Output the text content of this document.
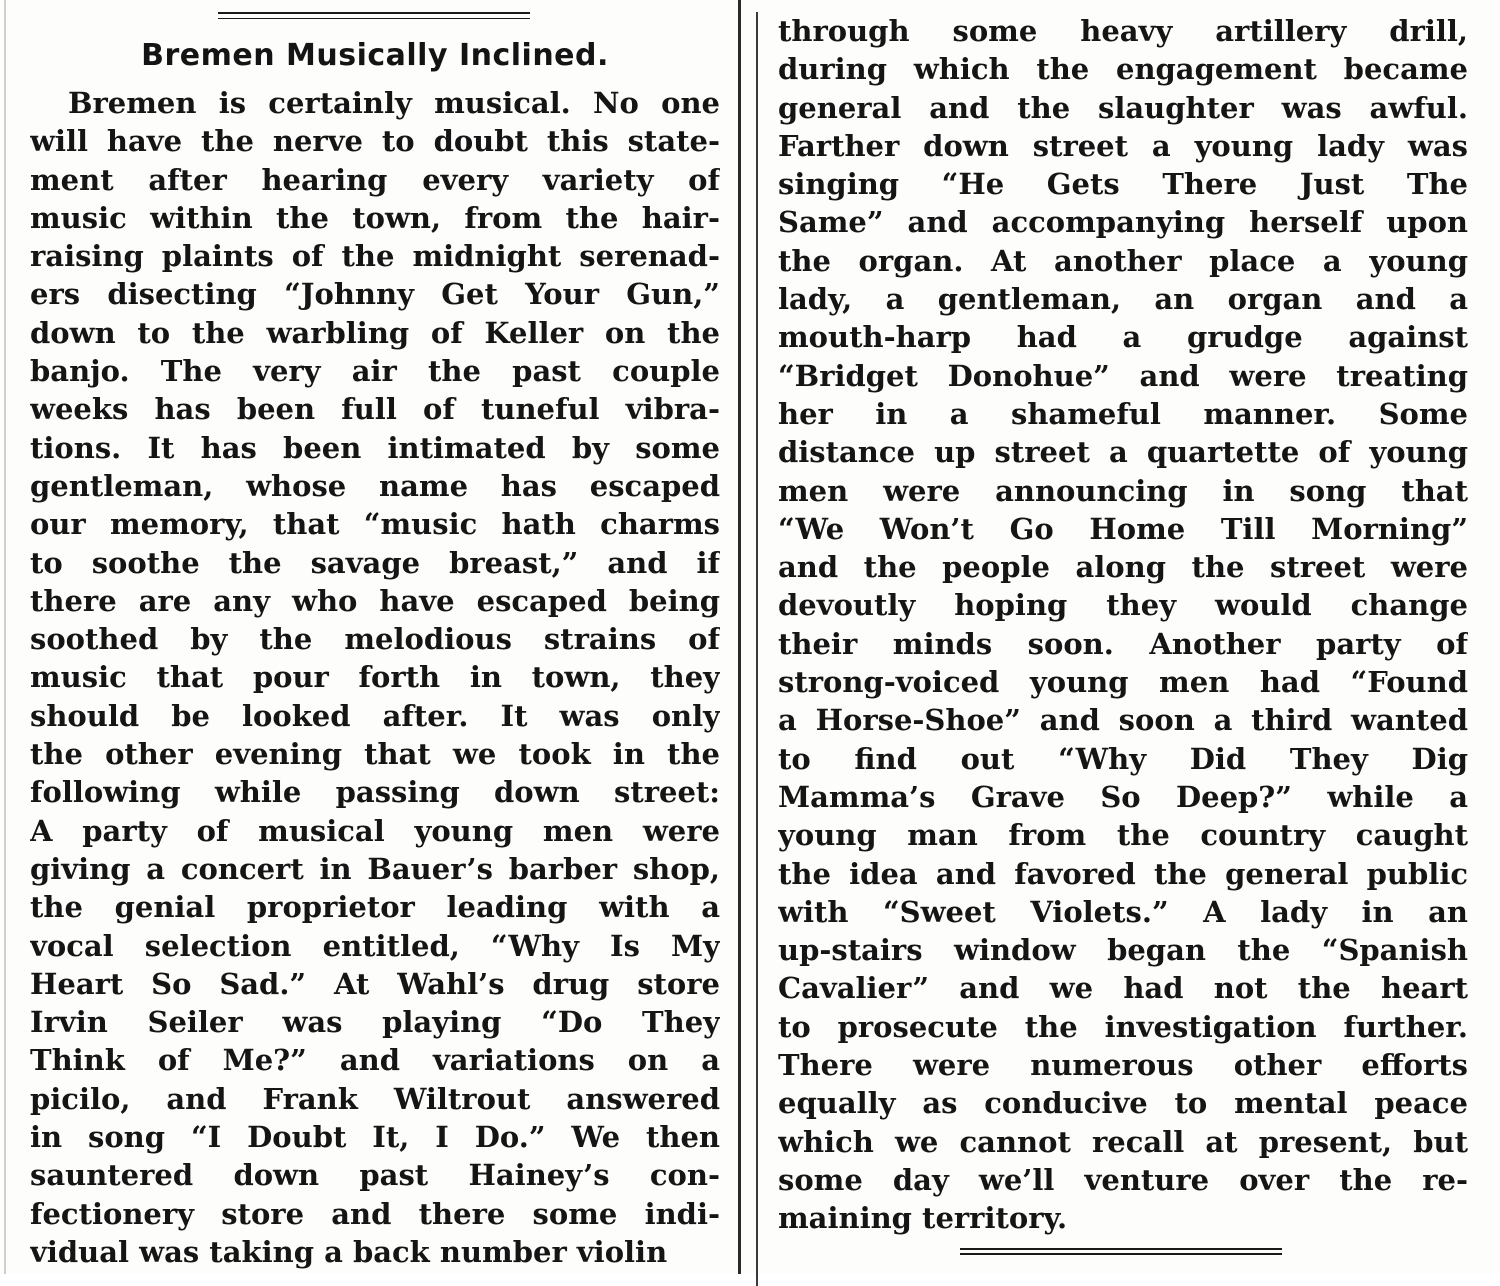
Bremen Musically Inclined.
Bremen is certainly musical. No one
will have the nerve to doubt this state-
ment after hearing every variety of
music within the town, from the hair-
raising plaints of the midnight serenad-
ers disecting “Johnny Get Your Gun,”
down to the warbling of Keller on the
banjo. The very air the past couple
weeks has been full of tuneful vibra-
tions. It has been intimated by some
gentleman, whose name has escaped
our memory, that “music hath charms
to soothe the savage breast,” and if
there are any who have escaped being
soothed by the melodious strains of
music that pour forth in town, they
should be looked after. It was only
the other evening that we took in the
following while passing down street:
A party of musical young men were
giving a concert in Bauer’s barber shop,
the genial proprietor leading with a
vocal selection entitled, “Why Is My
Heart So Sad.” At Wahl’s drug store
Irvin Seiler was playing “Do They
Think of Me?” and variations on a
picilo, and Frank Wiltrout answered
in song “I Doubt It, I Do.” We then
sauntered down past Hainey’s con-
fectionery store and there some indi-
vidual was taking a back number violin
through some heavy artillery drill,
during which the engagement became
general and the slaughter was awful.
Farther down street a young lady was
singing “He Gets There Just The
Same” and accompanying herself upon
the organ. At another place a young
lady, a gentleman, an organ and a
mouth-harp had a grudge against
“Bridget Donohue” and were treating
her in a shameful manner. Some
distance up street a quartette of young
men were announcing in song that
“We Won’t Go Home Till Morning”
and the people along the street were
devoutly hoping they would change
their minds soon. Another party of
strong-voiced young men had “Found
a Horse-Shoe” and soon a third wanted
to find out “Why Did They Dig
Mamma’s Grave So Deep?” while a
young man from the country caught
the idea and favored the general public
with “Sweet Violets.” A lady in an
up-stairs window began the “Spanish
Cavalier” and we had not the heart
to prosecute the investigation further.
There were numerous other efforts
equally as conducive to mental peace
which we cannot recall at present, but
some day we’ll venture over the re-
maining territory.
